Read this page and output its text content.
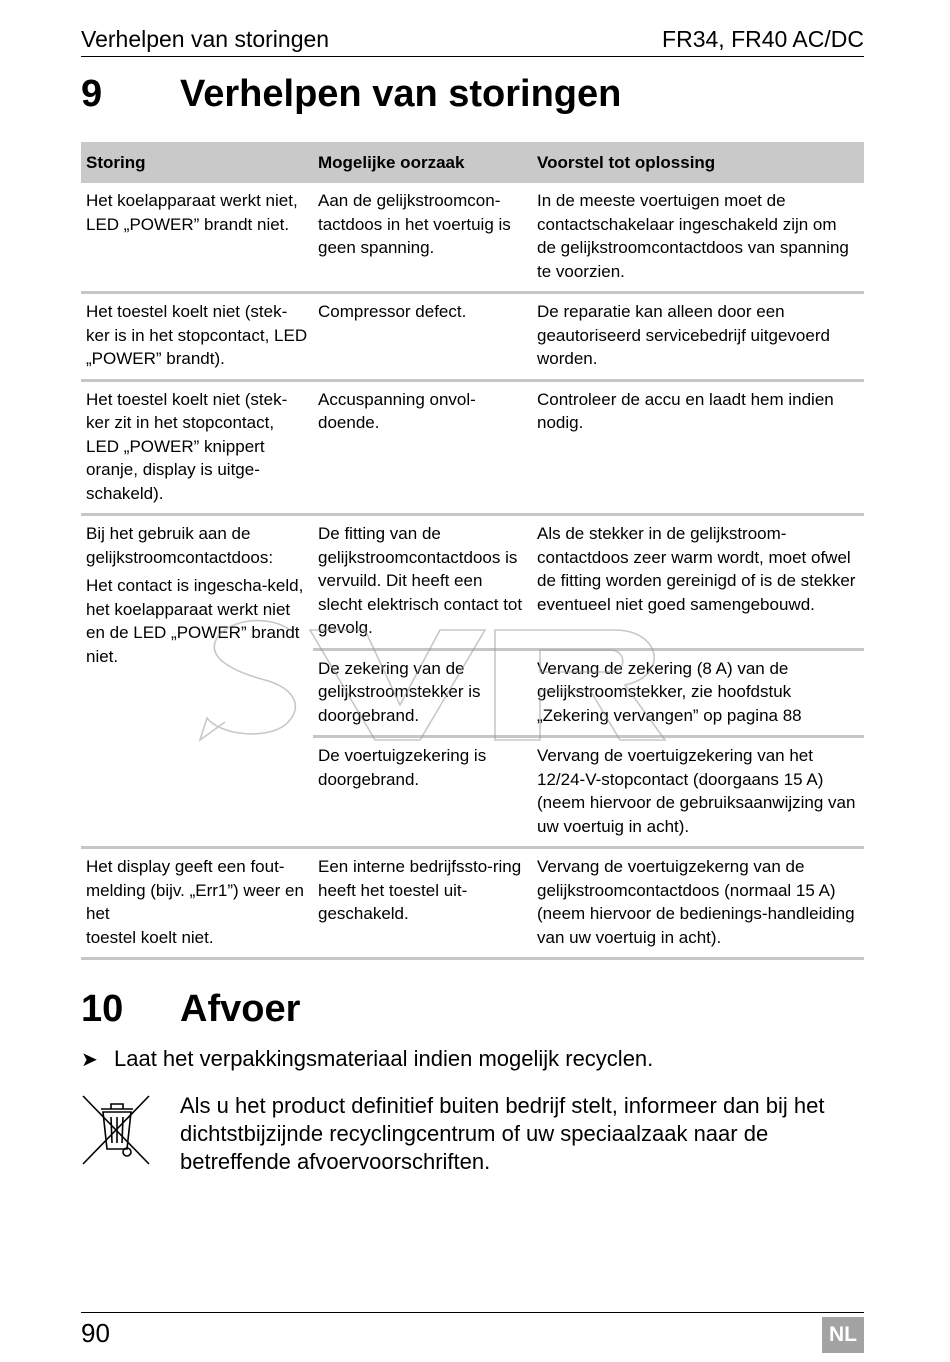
Verhelpen van storingen	FR34, FR40 AC/DC
9 Verhelpen van storingen
Storing	Mogelijke oorzaak	Voorstel tot oplossing
Het koelapparaat werkt niet, LED „POWER” brandt niet.	Aan de gelijkstroomcon-tactdoos in het voertuig is geen spanning.	In de meeste voertuigen moet de contactschakelaar ingeschakeld zijn om de gelijkstroomcontactdoos van spanning te voorzien.
Het toestel koelt niet (stek-ker is in het stopcontact, LED „POWER” brandt).	Compressor defect.	De reparatie kan alleen door een geautoriseerd servicebedrijf uitgevoerd worden.
Het toestel koelt niet (stek-ker zit in het stopcontact, LED „POWER” knippert oranje, display is uitge-schakeld).	Accuspanning onvol-doende.	Controleer de accu en laadt hem indien nodig.

Bij het gebruik aan de gelijkstroomcontactdoos:

Het contact is ingescha-keld, het koelapparaat werkt niet en de LED „POWER” brandt niet.	De fitting van de gelijkstroomcontactdoos is vervuild. Dit heeft een slecht elektrisch contact tot gevolg.	Als de stekker in de gelijkstroom-contactdoos zeer warm wordt, moet ofwel de fitting worden gereinigd of is de stekker eventueel niet goed samengebouwd.
	De zekering van de gelijkstroomstekker is doorgebrand.	Vervang de zekering (8 A) van de gelijkstroomstekker, zie hoofdstuk „Zekering vervangen” op pagina 88
	De voertuigzekering is doorgebrand.	Vervang de voertuigzekering van het 12/24-V-stopcontact (doorgaans 15 A) (neem hiervoor de gebruiksaanwijzing van uw voertuig in acht).
Het display geeft een fout-melding (bijv. „Err1”) weer en het
toestel koelt niet.	Een interne bedrijfssto-ring heeft het toestel uit-geschakeld.	Vervang de voertuigzekerng van de gelijkstroomcontactdoos (normaal 15 A) (neem hiervoor de bedienings-handleiding van uw voertuig in acht).
10 Afvoer
➤ Laat het verpakkingsmateriaal indien mogelijk recyclen.
Als u het product definitief buiten bedrijf stelt, informeer dan bij het dichtstbijzijnde recyclingcentrum of uw speciaalzaak naar de betreffende afvoervoorschriften.
90	NL
